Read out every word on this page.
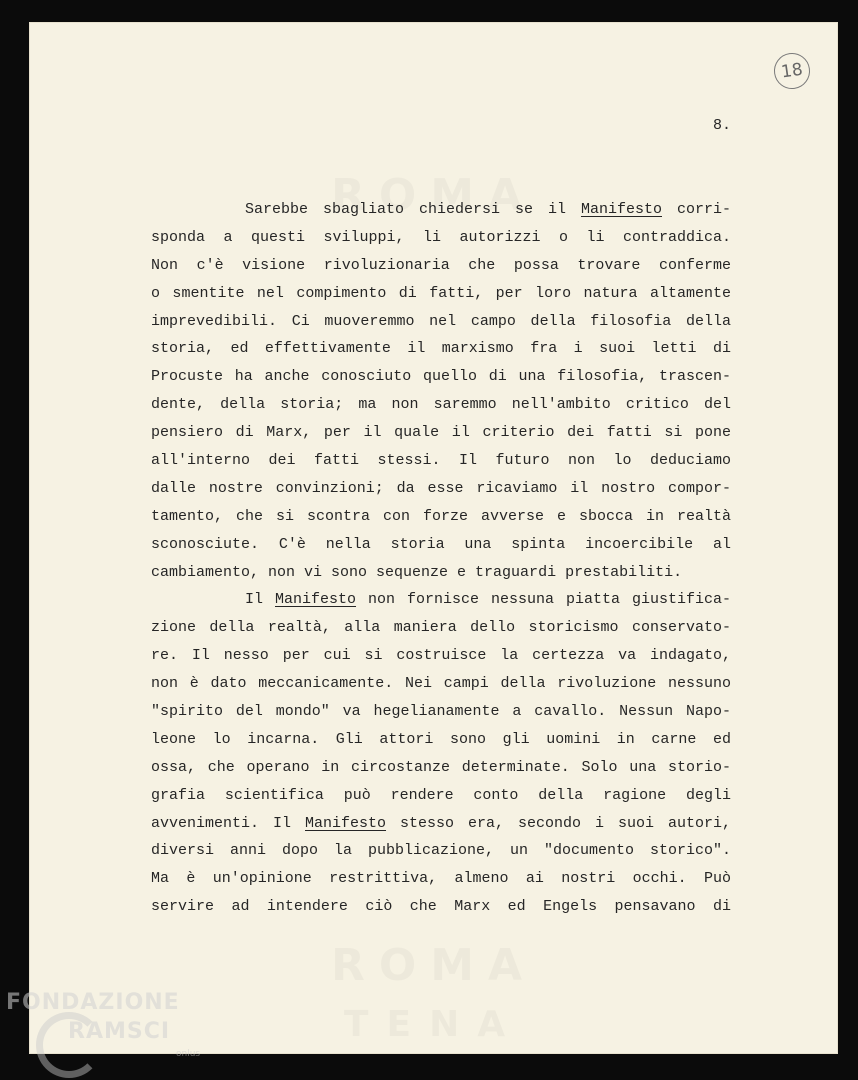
18
8.
Sarebbe sbagliato chiedersi se il Manifesto corri-
sponda a questi sviluppi, li autorizzi o li contraddica.
Non c'è visione rivoluzionaria che possa trovare conferme
o smentite nel compimento di fatti, per loro natura altamente
imprevedibili. Ci muoveremmo nel campo della filosofia della
storia, ed effettivamente il marxismo fra i suoi letti di
Procuste ha anche conosciuto quello di una filosofia, trascen-
dente, della storia; ma non saremmo nell'ambito critico del
pensiero di Marx, per il quale il criterio dei fatti si pone
all'interno dei fatti stessi. Il futuro non lo deduciamo
dalle nostre convinzioni; da esse ricaviamo il nostro compor-
tamento, che si scontra con forze avverse e sbocca in realtà
sconosciute. C'è nella storia una spinta incoercibile al
cambiamento, non vi sono sequenze e traguardi prestabiliti.
Il Manifesto non fornisce nessuna piatta giustifica-
zione della realtà, alla maniera dello storicismo conservato-
re. Il nesso per cui si costruisce la certezza va indagato,
non è dato meccanicamente. Nei campi della rivoluzione nessuno
"spirito del mondo" va hegelianamente a cavallo. Nessun Napo-
leone lo incarna. Gli attori sono gli uomini in carne ed
ossa, che operano in circostanze determinate. Solo una storio-
grafia scientifica può rendere conto della ragione degli
avvenimenti. Il Manifesto stesso era, secondo i suoi autori,
diversi anni dopo la pubblicazione, un "documento storico".
Ma è un'opinione restrittiva, almeno ai nostri occhi. Può
servire ad intendere ciò che Marx ed Engels pensavano di
FONDAZIONE
RAMSCI
onlus
